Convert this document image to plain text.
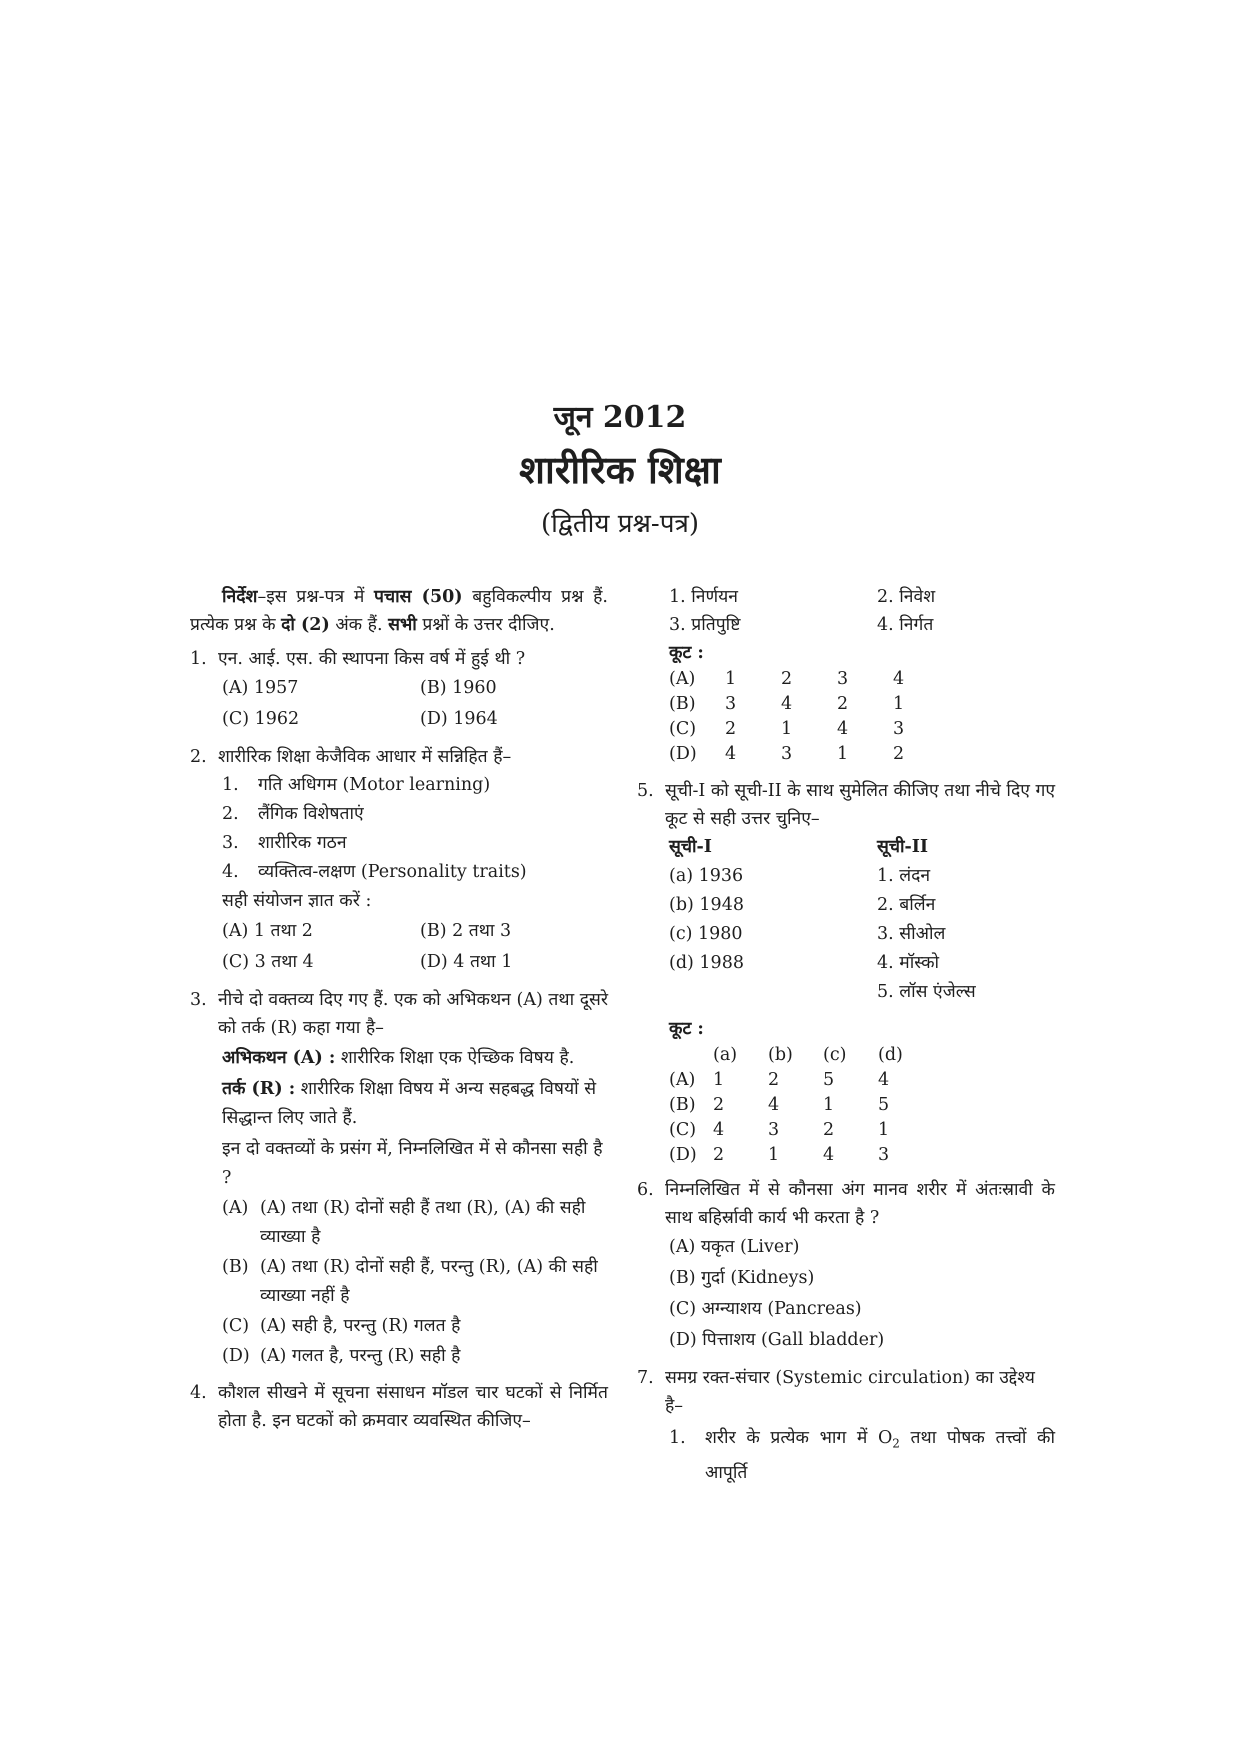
जून 2012
शारीरिक शिक्षा
(द्वितीय प्रश्न-पत्र)

निर्देश–इस प्रश्न-पत्र में पचास (50) बहुविकल्पीय प्रश्न हैं. प्रत्येक प्रश्न के दो (2) अंक हैं. सभी प्रश्नों के उत्तर दीजिए.

1. एन. आई. एस. की स्थापना किस वर्ष में हुई थी ?
(A) 1957	(B) 1960
(C) 1962	(D) 1964
2. शारीरिक शिक्षा केजैविक आधार में सन्निहित हैं–
1.	गति अधिगम (Motor learning)
2.	लैंगिक विशेषताएं
3.	शारीरिक गठन
4.	व्यक्तित्व-लक्षण (Personality traits)
सही संयोजन ज्ञात करें :
(A) 1 तथा 2	(B) 2 तथा 3
(C) 3 तथा 4	(D) 4 तथा 1
3. नीचे दो वक्तव्य दिए गए हैं. एक को अभिकथन (A) तथा दूसरे को तर्क (R) कहा गया है–
अभिकथन (A) : शारीरिक शिक्षा एक ऐच्छिक विषय है.
तर्क (R) : शारीरिक शिक्षा विषय में अन्य सहबद्ध विषयों से सिद्धान्त लिए जाते हैं.
इन दो वक्तव्यों के प्रसंग में, निम्नलिखित में से कौनसा सही है ?
(A) (A) तथा (R) दोनों सही हैं तथा (R), (A) की सही व्याख्या है
(B) (A) तथा (R) दोनों सही हैं, परन्तु (R), (A) की सही व्याख्या नहीं है
(C) (A) सही है, परन्तु (R) गलत है
(D) (A) गलत है, परन्तु (R) सही है
4. कौशल सीखने में सूचना संसाधन मॉडल चार घटकों से निर्मित होता है. इन घटकों को क्रमवार व्यवस्थित कीजिए–
1. निर्णयन	2. निवेश
3. प्रतिपुष्टि	4. निर्गत
कूट :
(A)	1	2	3	4
(B)	3	4	2	1
(C)	2	1	4	3
(D)	4	3	1	2
5. सूची-I को सूची-II के साथ सुमेलित कीजिए तथा नीचे दिए गए कूट से सही उत्तर चुनिए–
सूची-I	सूची-II
(a) 1936	1. लंदन
(b) 1948	2. बर्लिन
(c) 1980	3. सीओल
(d) 1988	4. मॉस्को
5. लॉस एंजेल्स
कूट :
	(a)	(b)	(c)	(d)
(A)	1	2	5	4
(B)	2	4	1	5
(C)	4	3	2	1
(D)	2	1	4	3
6. निम्नलिखित में से कौनसा अंग मानव शरीर में अंतःस्रावी के साथ बहिर्स्रावी कार्य भी करता है ?
(A) यकृत (Liver)
(B) गुर्दा (Kidneys)
(C) अग्न्याशय (Pancreas)
(D) पित्ताशय (Gall bladder)
7. समग्र रक्त-संचार (Systemic circulation) का उद्देश्य है–
1.	शरीर के प्रत्येक भाग में $O_2$ तथा पोषक तत्त्वों की आपूर्ति
